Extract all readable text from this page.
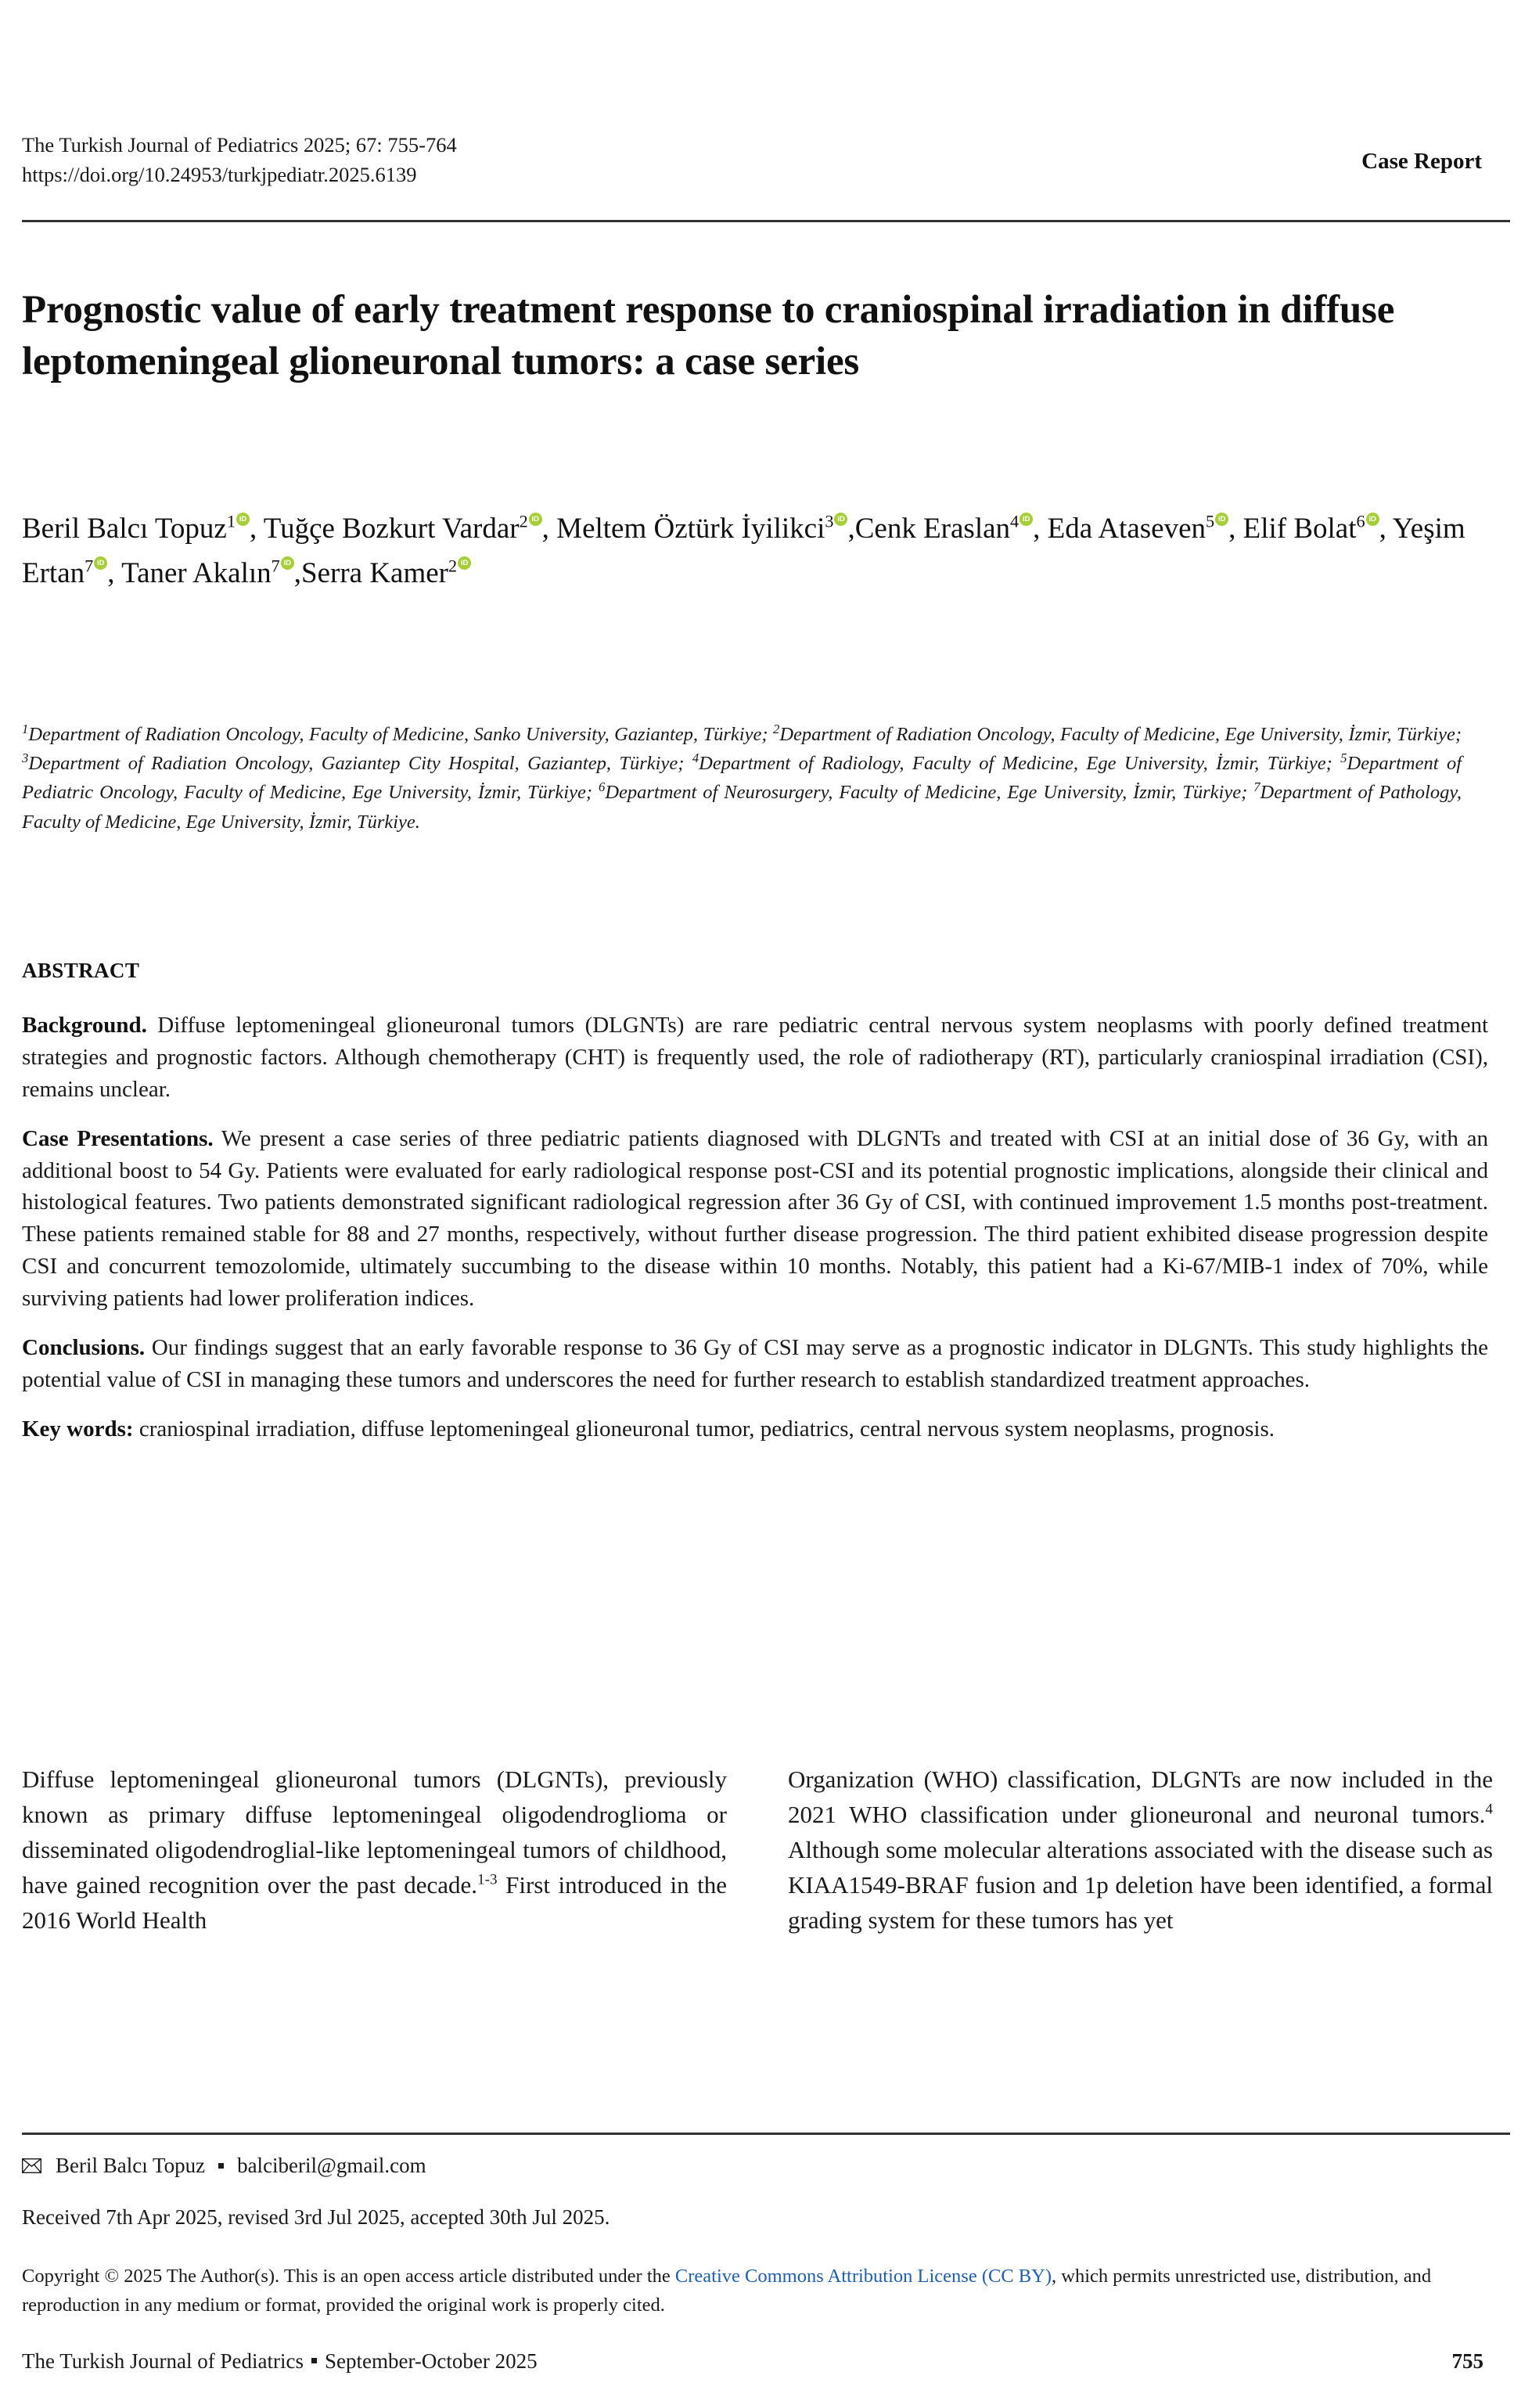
The Turkish Journal of Pediatrics 2025; 67: 755-764
https://doi.org/10.24953/turkjpediatr.2025.6139
Case Report
Prognostic value of early treatment response to craniospinal irradiation in diffuse leptomeningeal glioneuronal tumors: a case series
Beril Balcı Topuz$^1$ iD , Tuğçe Bozkurt Vardar$^2$ iD , Meltem Öztürk İyilikci$^3$ iD ,Cenk Eraslan$^4$ iD , Eda Ataseven$^5$ iD , Elif Bolat$^6$ iD , Yeşim Ertan$^7$ iD , Taner Akalın$^7$ iD ,Serra Kamer$^2$iD
$^1$Department of Radiation Oncology, Faculty of Medicine, Sanko University, Gaziantep, Türkiye; $^2$Department of Radiation Oncology, Faculty of Medicine, Ege University, İzmir, Türkiye; $^3$Department of Radiation Oncology, Gaziantep City Hospital, Gaziantep, Türkiye; $^4$Department of Radiology, Faculty of Medicine, Ege University, İzmir, Türkiye; $^5$Department of Pediatric Oncology, Faculty of Medicine, Ege University, İzmir, Türkiye; $^6$Department of Neurosurgery, Faculty of Medicine, Ege University, İzmir, Türkiye; $^7$Department of Pathology, Faculty of Medicine, Ege University, İzmir, Türkiye.
ABSTRACT

Background. Diffuse leptomeningeal glioneuronal tumors (DLGNTs) are rare pediatric central nervous system neoplasms with poorly defined treatment strategies and prognostic factors. Although chemotherapy (CHT) is frequently used, the role of radiotherapy (RT), particularly craniospinal irradiation (CSI), remains unclear.

Case Presentations. We present a case series of three pediatric patients diagnosed with DLGNTs and treated with CSI at an initial dose of 36 Gy, with an additional boost to 54 Gy. Patients were evaluated for early radiological response post-CSI and its potential prognostic implications, alongside their clinical and histological features. Two patients demonstrated significant radiological regression after 36 Gy of CSI, with continued improvement 1.5 months post-treatment. These patients remained stable for 88 and 27 months, respectively, without further disease progression. The third patient exhibited disease progression despite CSI and concurrent temozolomide, ultimately succumbing to the disease within 10 months. Notably, this patient had a Ki-67/MIB-1 index of 70%, while surviving patients had lower proliferation indices.

Conclusions. Our findings suggest that an early favorable response to 36 Gy of CSI may serve as a prognostic indicator in DLGNTs. This study highlights the potential value of CSI in managing these tumors and underscores the need for further research to establish standardized treatment approaches.

Key words: craniospinal irradiation, diffuse leptomeningeal glioneuronal tumor, pediatrics, central nervous system neoplasms, prognosis.

Diffuse leptomeningeal glioneuronal tumors (DLGNTs), previously known as primary diffuse leptomeningeal oligodendroglioma or disseminated oligodendroglial-like leptomeningeal tumors of childhood, have gained recognition over the past decade.$^{1-3}$ First introduced in the 2016 World Health

Organization (WHO) classification, DLGNTs are now included in the 2021 WHO classification under glioneuronal and neuronal tumors.$^4$ Although some molecular alterations associated with the disease such as KIAA1549-BRAF fusion and 1p deletion have been identified, a formal grading system for these tumors has yet

Beril Balcı Topuz balciberil@gmail.com
Received 7th Apr 2025, revised 3rd Jul 2025, accepted 30th Jul 2025.
Copyright © 2025 The Author(s). This is an open access article distributed under the Creative Commons Attribution License (CC BY), which permits unrestricted use, distribution, and reproduction in any medium or format, provided the original work is properly cited.
The Turkish Journal of Pediatrics September-October 2025	755
